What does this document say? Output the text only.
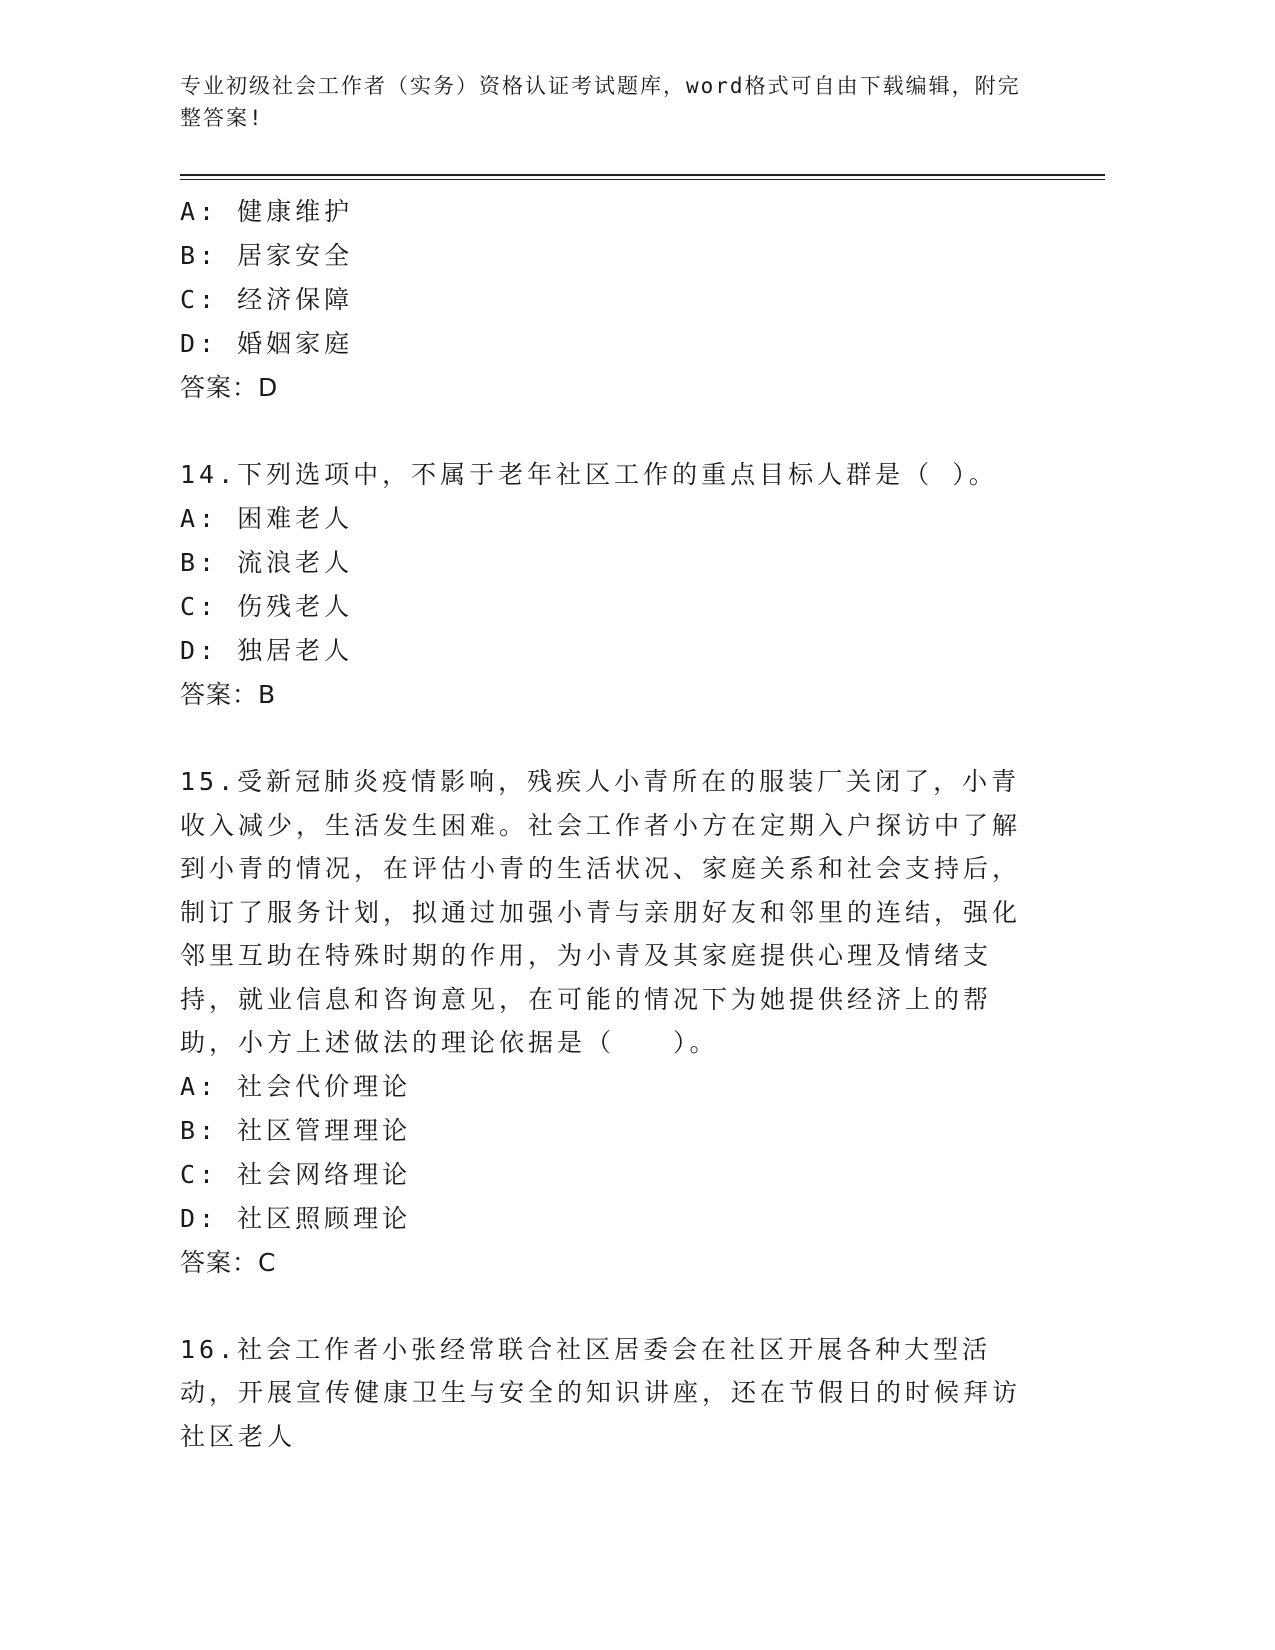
专业初级社会工作者（实务）资格认证考试题库，word格式可自由下载编辑，附完整答案!

A: 健康维护
B: 居家安全
C: 经济保障
D: 婚姻家庭
答案：D
14.下列选项中，不属于老年社区工作的重点目标人群是（ ）。
A: 困难老人
B: 流浪老人
C: 伤残老人
D: 独居老人
答案：B
15.受新冠肺炎疫情影响，残疾人小青所在的服装厂关闭了，小青收入减少，生活发生困难。社会工作者小方在定期入户探访中了解到小青的情况，在评估小青的生活状况、家庭关系和社会支持后，制订了服务计划，拟通过加强小青与亲朋好友和邻里的连结，强化邻里互助在特殊时期的作用，为小青及其家庭提供心理及情绪支持，就业信息和咨询意见，在可能的情况下为她提供经济上的帮助，小方上述做法的理论依据是（　　）。
A: 社会代价理论
B: 社区管理理论
C: 社会网络理论
D: 社区照顾理论
答案：C
16.社会工作者小张经常联合社区居委会在社区开展各种大型活动，开展宣传健康卫生与安全的知识讲座，还在节假日的时候拜访社区老人
